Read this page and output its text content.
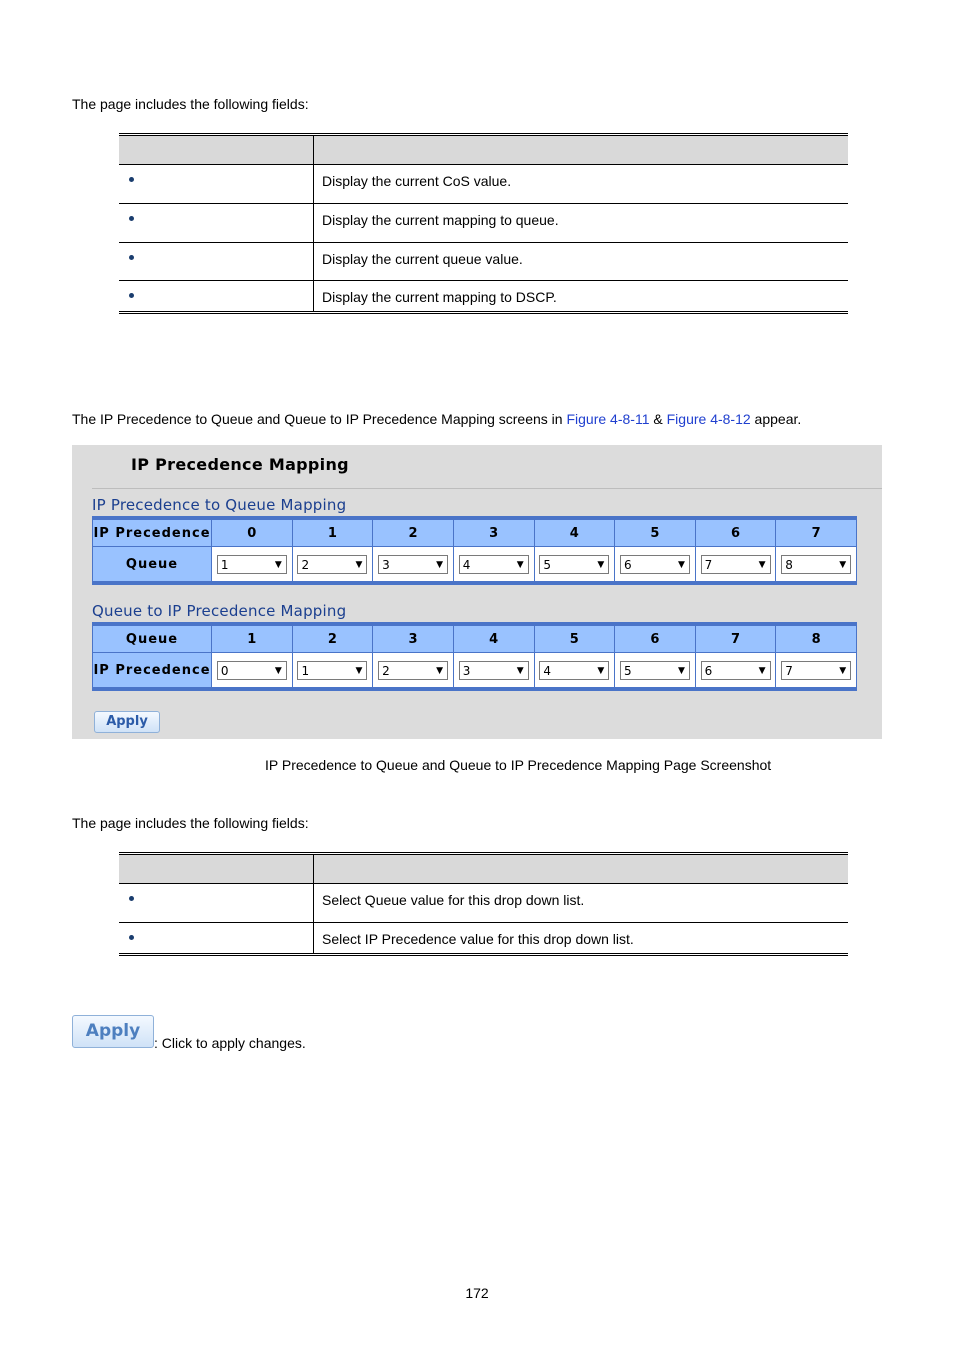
The page includes the following fields:

	Display the current CoS value.
	Display the current mapping to queue.
	Display the current queue value.
	Display the current mapping to DSCP.
The IP Precedence to Queue and Queue to IP Precedence Mapping screens in Figure 4-8-11 & Figure 4-8-12 appear.
IP Precedence Mapping
IP Precedence to Queue Mapping
IP Precedence	0	1	2	3	4	5	6	7
Queue	1 ▼	2 ▼	3 ▼	4 ▼	5 ▼	6 ▼	7 ▼	8 ▼
Queue to IP Precedence Mapping
Queue	1	2	3	4	5	6	7	8
IP Precedence	0 ▼	1 ▼	2 ▼	3 ▼	4 ▼	5 ▼	6 ▼	7 ▼
Apply
IP Precedence to Queue and Queue to IP Precedence Mapping Page Screenshot
The page includes the following fields:

	Select Queue value for this drop down list.
	Select IP Precedence value for this drop down list.
Apply
: Click to apply changes.
172
